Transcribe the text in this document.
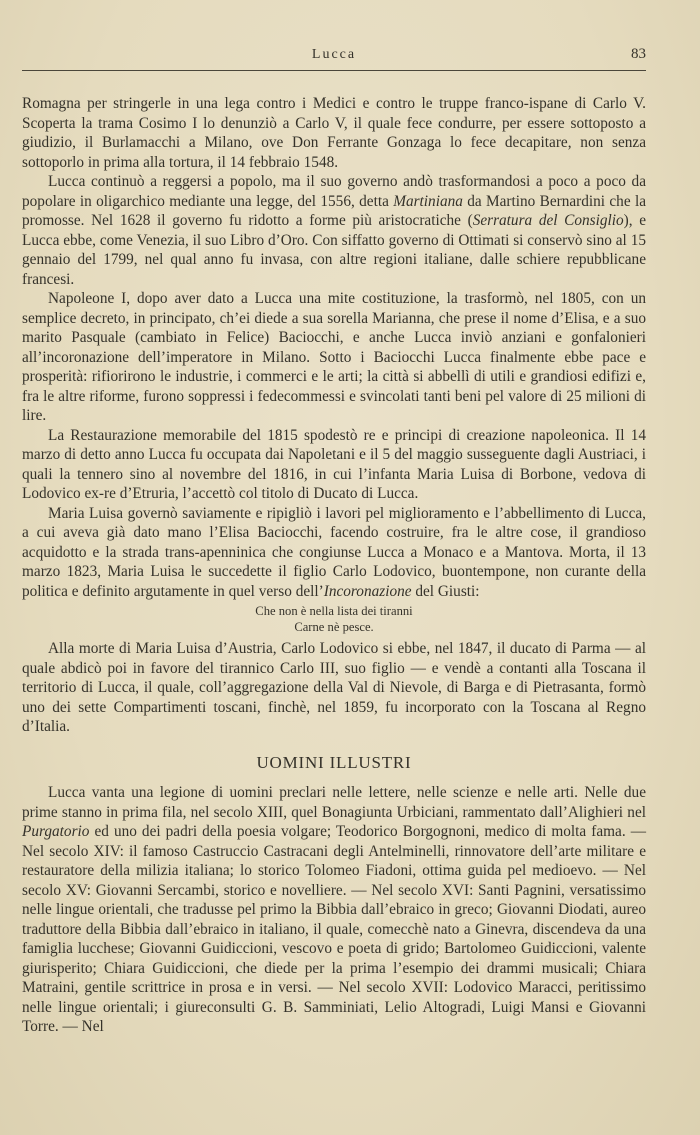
Lucca	83

Romagna per stringerle in una lega contro i Medici e contro le truppe franco-ispane di Carlo V. Scoperta la trama Cosimo I lo denunziò a Carlo V, il quale fece condurre, per essere sottoposto a giudizio, il Burlamacchi a Milano, ove Don Ferrante Gonzaga lo fece decapitare, non senza sottoporlo in prima alla tortura, il 14 febbraio 1548.

Lucca continuò a reggersi a popolo, ma il suo governo andò trasformandosi a poco a poco da popolare in oligarchico mediante una legge, del 1556, detta Martiniana da Martino Bernardini che la promosse. Nel 1628 il governo fu ridotto a forme più aristocratiche (Serratura del Consiglio), e Lucca ebbe, come Venezia, il suo Libro d’Oro. Con siffatto governo di Ottimati si conservò sino al 15 gennaio del 1799, nel qual anno fu invasa, con altre regioni italiane, dalle schiere repubblicane francesi.

Napoleone I, dopo aver dato a Lucca una mite costituzione, la trasformò, nel 1805, con un semplice decreto, in principato, ch’ei diede a sua sorella Marianna, che prese il nome d’Elisa, e a suo marito Pasquale (cambiato in Felice) Baciocchi, e anche Lucca inviò anziani e gonfalonieri all’incoronazione dell’imperatore in Milano. Sotto i Baciocchi Lucca finalmente ebbe pace e prosperità: rifiorirono le industrie, i commerci e le arti; la città si abbellì di utili e grandiosi edifizi e, fra le altre riforme, furono soppressi i fedecommessi e svincolati tanti beni pel valore di 25 milioni di lire.

La Restaurazione memorabile del 1815 spodestò re e principi di creazione napoleonica. Il 14 marzo di detto anno Lucca fu occupata dai Napoletani e il 5 del maggio susseguente dagli Austriaci, i quali la tennero sino al novembre del 1816, in cui l’infanta Maria Luisa di Borbone, vedova di Lodovico ex-re d’Etruria, l’accettò col titolo di Ducato di Lucca.

Maria Luisa governò saviamente e ripigliò i lavori pel miglioramento e l’abbellimento di Lucca, a cui aveva già dato mano l’Elisa Baciocchi, facendo costruire, fra le altre cose, il grandioso acquidotto e la strada trans-apenninica che congiunse Lucca a Monaco e a Mantova. Morta, il 13 marzo 1823, Maria Luisa le succedette il figlio Carlo Lodovico, buontempone, non curante della politica e definito argutamente in quel verso dell’Incoronazione del Giusti:

Che non è nella lista dei tiranni
Carne nè pesce.

Alla morte di Maria Luisa d’Austria, Carlo Lodovico si ebbe, nel 1847, il ducato di Parma — al quale abdicò poi in favore del tirannico Carlo III, suo figlio — e vendè a contanti alla Toscana il territorio di Lucca, il quale, coll’aggregazione della Val di Nievole, di Barga e di Pietrasanta, formò uno dei sette Compartimenti toscani, finchè, nel 1859, fu incorporato con la Toscana al Regno d’Italia.

UOMINI ILLUSTRI

Lucca vanta una legione di uomini preclari nelle lettere, nelle scienze e nelle arti. Nelle due prime stanno in prima fila, nel secolo XIII, quel Bonagiunta Urbiciani, rammentato dall’Alighieri nel Purgatorio ed uno dei padri della poesia volgare; Teodorico Borgognoni, medico di molta fama. — Nel secolo XIV: il famoso Castruccio Castracani degli Antelminelli, rinnovatore dell’arte militare e restauratore della milizia italiana; lo storico Tolomeo Fiadoni, ottima guida pel medioevo. — Nel secolo XV: Giovanni Sercambi, storico e novelliere. — Nel secolo XVI: Santi Pagnini, versatissimo nelle lingue orientali, che tradusse pel primo la Bibbia dall’ebraico in greco; Giovanni Diodati, aureo traduttore della Bibbia dall’ebraico in italiano, il quale, comecchè nato a Ginevra, discendeva da una famiglia lucchese; Giovanni Guidiccioni, vescovo e poeta di grido; Bartolomeo Guidiccioni, valente giurisperito; Chiara Guidiccioni, che diede per la prima l’esempio dei drammi musicali; Chiara Matraini, gentile scrittrice in prosa e in versi. — Nel secolo XVII: Lodovico Maracci, peritissimo nelle lingue orientali; i giureconsulti G. B. Samminiati, Lelio Altogradi, Luigi Mansi e Giovanni Torre. — Nel
